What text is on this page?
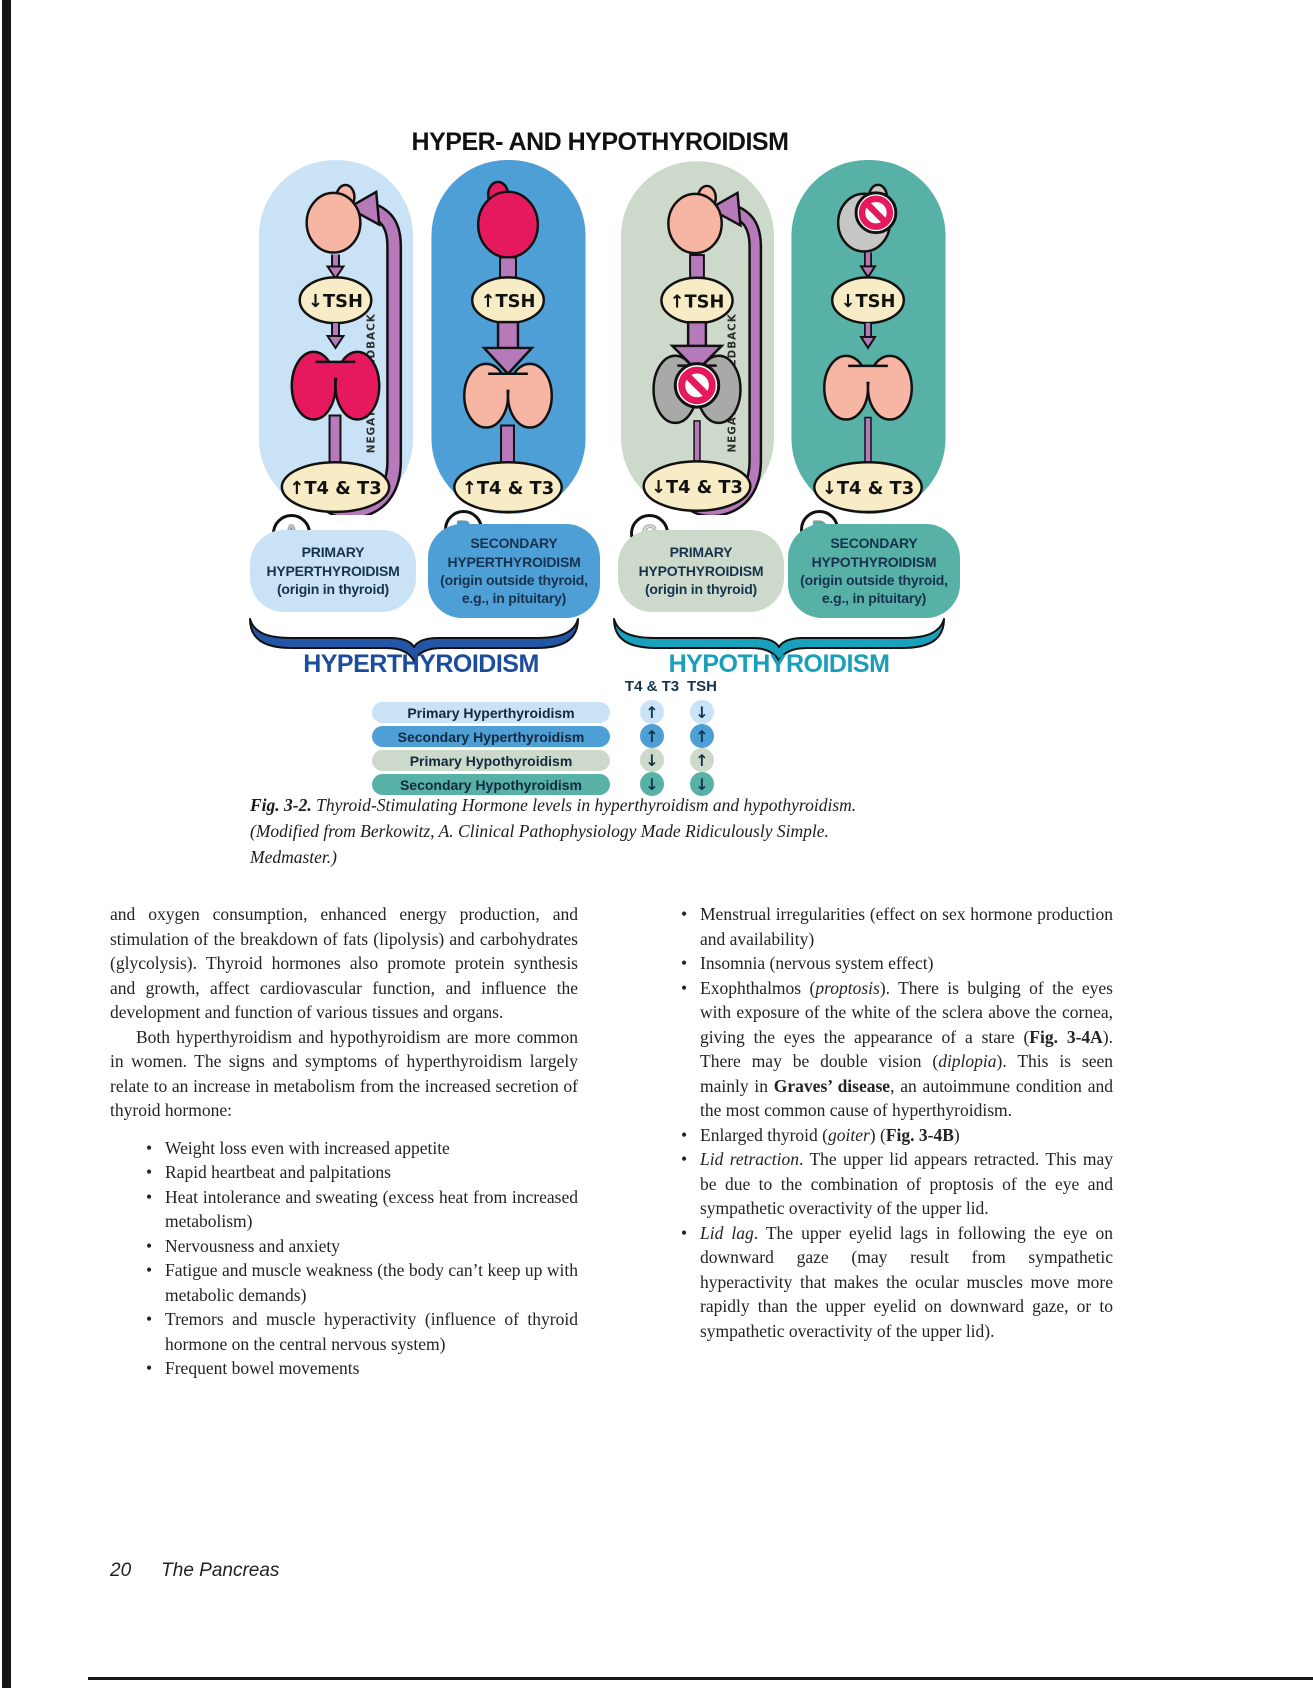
HYPER- AND HYPOTHYROIDISM
↓TSH
↑T4 & T3
↑TSH
↑T4 & T3
↑TSH
↓T4 & T3
↓TSH
↓T4 & T3
PRIMARY
HYPERTHYROIDISM
(origin in thyroid)
SECONDARY
HYPERTHYROIDISM
(origin outside thyroid,
e.g., in pituitary)
PRIMARY
HYPOTHYROIDISM
(origin in thyroid)
SECONDARY
HYPOTHYROIDISM
(origin outside thyroid,
e.g., in pituitary)
HYPERTHYROIDISM	HYPOTHYROIDISM
T4 & T3 TSH
Primary Hyperthyroidism	↑	↓
Secondary Hyperthyroidism	↑	↑
Primary Hypothyroidism	↓	↑
Secondary Hypothyroidism	↓	↓
Fig. 3-2. Thyroid-Stimulating Hormone levels in hyperthyroidism and hypothyroidism.
(Modified from Berkowitz, A. Clinical Pathophysiology Made Ridiculously Simple.
Medmaster.)

and oxygen consumption, enhanced energy production, and stimulation of the breakdown of fats (lipolysis) and carbohydrates (glycolysis). Thyroid hormones also promote protein synthesis and growth, affect cardiovascular function, and influence the development and function of various tissues and organs.

Both hyperthyroidism and hypothyroidism are more common in women. The signs and symptoms of hyperthyroidism largely relate to an increase in metabolism from the increased secretion of thyroid hormone:

• Weight loss even with increased appetite
• Rapid heartbeat and palpitations
• Heat intolerance and sweating (excess heat from increased metabolism)
• Nervousness and anxiety
• Fatigue and muscle weakness (the body can’t keep up with metabolic demands)
• Tremors and muscle hyperactivity (influence of thyroid hormone on the central nervous system)
• Frequent bowel movements
• Menstrual irregularities (effect on sex hormone production and availability)
• Insomnia (nervous system effect)
• Exophthalmos (proptosis). There is bulging of the eyes with exposure of the white of the sclera above the cornea, giving the eyes the appearance of a stare (Fig. 3-4A). There may be double vision (diplopia). This is seen mainly in Graves’ disease, an autoimmune condition and the most common cause of hyperthyroidism.
• Enlarged thyroid (goiter) (Fig. 3-4B)
• Lid retraction. The upper lid appears retracted. This may be due to the combination of proptosis of the eye and sympathetic overactivity of the upper lid.
• Lid lag. The upper eyelid lags in following the eye on downward gaze (may result from sympathetic hyperactivity that makes the ocular muscles move more rapidly than the upper eyelid on downward gaze, or to sympathetic overactivity of the upper lid).
20 The Pancreas
